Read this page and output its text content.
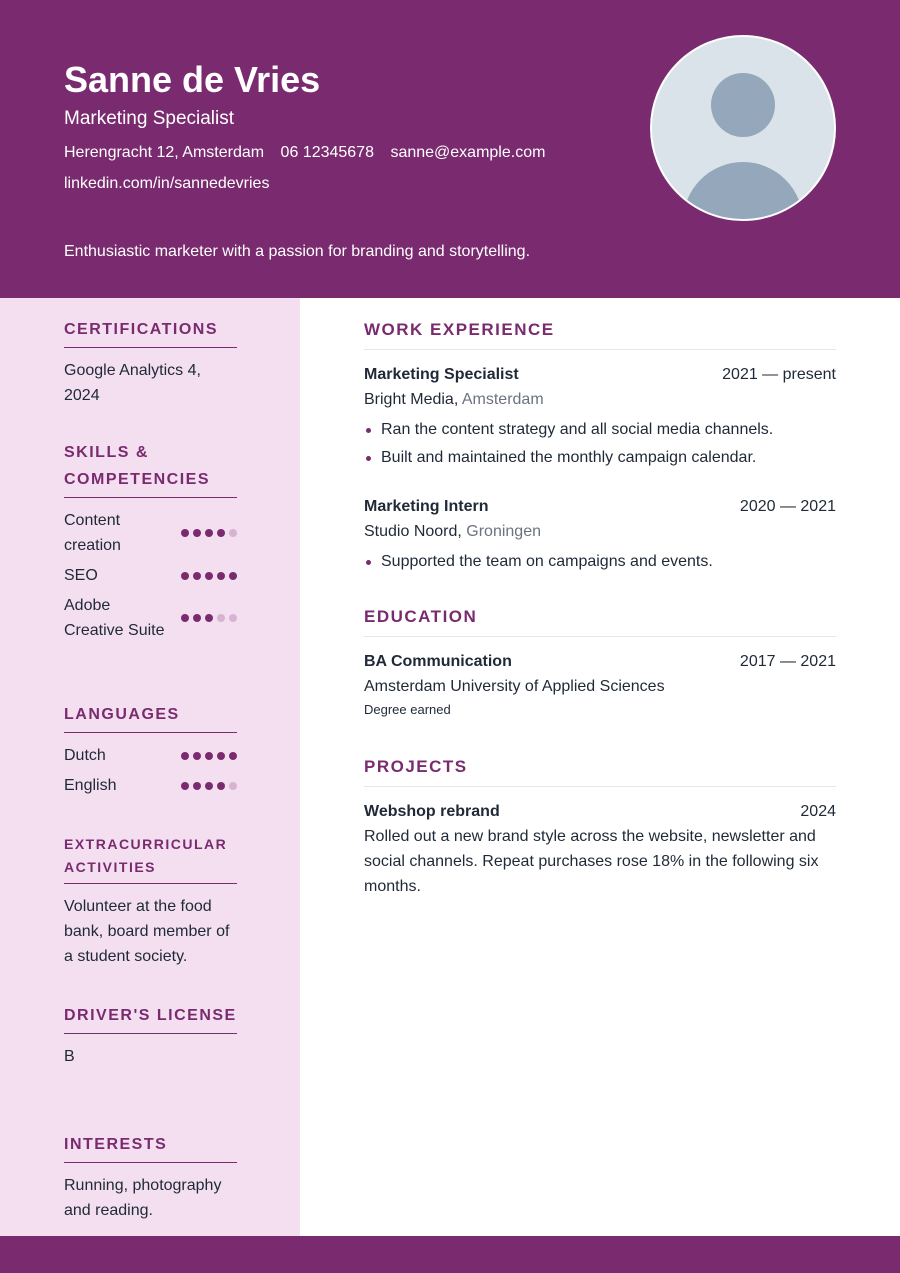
Sanne de Vries
Marketing Specialist
Herengracht 12, Amsterdam 06 12345678 sanne@example.com
linkedin.com/in/sannedevries
Enthusiastic marketer with a passion for branding and storytelling.
CERTIFICATIONS
Google Analytics 4, 2024
SKILLS & COMPETENCIES
Content creation
SEO
Adobe Creative Suite
LANGUAGES
Dutch
English
EXTRACURRICULAR ACTIVITIES
Volunteer at the food bank, board member of a student society.
DRIVER'S LICENSE
B
INTERESTS
Running, photography and reading.
WORK EXPERIENCE
Marketing Specialist	2021 — present
Bright Media, Amsterdam
Ran the content strategy and all social media channels.
Built and maintained the monthly campaign calendar.
Marketing Intern	2020 — 2021
Studio Noord, Groningen
Supported the team on campaigns and events.
EDUCATION
BA Communication	2017 — 2021
Amsterdam University of Applied Sciences
Degree earned
PROJECTS
Webshop rebrand	2024
Rolled out a new brand style across the website, newsletter and social channels. Repeat purchases rose 18% in the following six months.
